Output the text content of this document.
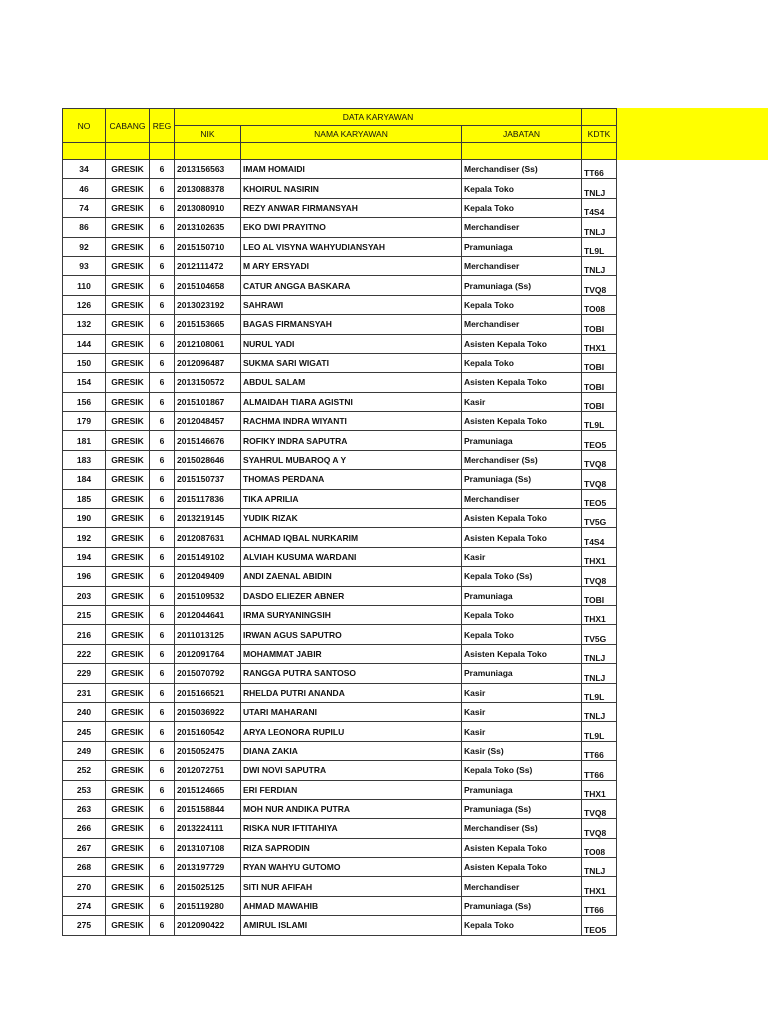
NO	CABANG	REG	DATA KARYAWAN			
			NIK	NAMA KARYAWAN	JABATAN	KDTK

34	GRESIK	6	2013156563	IMAM HOMAIDI	Merchandiser (Ss)	TT66
46	GRESIK	6	2013088378	KHOIRUL NASIRIN	Kepala Toko	TNLJ
74	GRESIK	6	2013080910	REZY ANWAR FIRMANSYAH	Kepala Toko	T4S4
86	GRESIK	6	2013102635	EKO DWI PRAYITNO	Merchandiser	TNLJ
92	GRESIK	6	2015150710	LEO AL VISYNA WAHYUDIANSYAH	Pramuniaga	TL9L
93	GRESIK	6	2012111472	M ARY ERSYADI	Merchandiser	TNLJ
110	GRESIK	6	2015104658	CATUR ANGGA BASKARA	Pramuniaga (Ss)	TVQ8
126	GRESIK	6	2013023192	SAHRAWI	Kepala Toko	TO08
132	GRESIK	6	2015153665	BAGAS FIRMANSYAH	Merchandiser	TOBI
144	GRESIK	6	2012108061	NURUL YADI	Asisten Kepala Toko	THX1
150	GRESIK	6	2012096487	SUKMA SARI WIGATI	Kepala Toko	TOBI
154	GRESIK	6	2013150572	ABDUL SALAM	Asisten Kepala Toko	TOBI
156	GRESIK	6	2015101867	ALMAIDAH TIARA AGISTNI	Kasir	TOBI
179	GRESIK	6	2012048457	RACHMA INDRA WIYANTI	Asisten Kepala Toko	TL9L
181	GRESIK	6	2015146676	ROFIKY INDRA SAPUTRA	Pramuniaga	TEO5
183	GRESIK	6	2015028646	SYAHRUL MUBAROQ A Y	Merchandiser (Ss)	TVQ8
184	GRESIK	6	2015150737	THOMAS PERDANA	Pramuniaga (Ss)	TVQ8
185	GRESIK	6	2015117836	TIKA APRILIA	Merchandiser	TEO5
190	GRESIK	6	2013219145	YUDIK RIZAK	Asisten Kepala Toko	TV5G
192	GRESIK	6	2012087631	ACHMAD IQBAL NURKARIM	Asisten Kepala Toko	T4S4
194	GRESIK	6	2015149102	ALVIAH KUSUMA WARDANI	Kasir	THX1
196	GRESIK	6	2012049409	ANDI ZAENAL ABIDIN	Kepala Toko (Ss)	TVQ8
203	GRESIK	6	2015109532	DASDO ELIEZER ABNER	Pramuniaga	TOBI
215	GRESIK	6	2012044641	IRMA SURYANINGSIH	Kepala Toko	THX1
216	GRESIK	6	2011013125	IRWAN AGUS SAPUTRO	Kepala Toko	TV5G
222	GRESIK	6	2012091764	MOHAMMAT JABIR	Asisten Kepala Toko	TNLJ
229	GRESIK	6	2015070792	RANGGA PUTRA SANTOSO	Pramuniaga	TNLJ
231	GRESIK	6	2015166521	RHELDA PUTRI ANANDA	Kasir	TL9L
240	GRESIK	6	2015036922	UTARI MAHARANI	Kasir	TNLJ
245	GRESIK	6	2015160542	ARYA LEONORA RUPILU	Kasir	TL9L
249	GRESIK	6	2015052475	DIANA ZAKIA	Kasir (Ss)	TT66
252	GRESIK	6	2012072751	DWI NOVI SAPUTRA	Kepala Toko (Ss)	TT66
253	GRESIK	6	2015124665	ERI FERDIAN	Pramuniaga	THX1
263	GRESIK	6	2015158844	MOH NUR ANDIKA PUTRA	Pramuniaga (Ss)	TVQ8
266	GRESIK	6	2013224111	RISKA NUR IFTITAHIYA	Merchandiser (Ss)	TVQ8
267	GRESIK	6	2013107108	RIZA SAPRODIN	Asisten Kepala Toko	TO08
268	GRESIK	6	2013197729	RYAN WAHYU GUTOMO	Asisten Kepala Toko	TNLJ
270	GRESIK	6	2015025125	SITI NUR AFIFAH	Merchandiser	THX1
274	GRESIK	6	2015119280	AHMAD MAWAHIB	Pramuniaga (Ss)	TT66
275	GRESIK	6	2012090422	AMIRUL ISLAMI	Kepala Toko	TEO5
